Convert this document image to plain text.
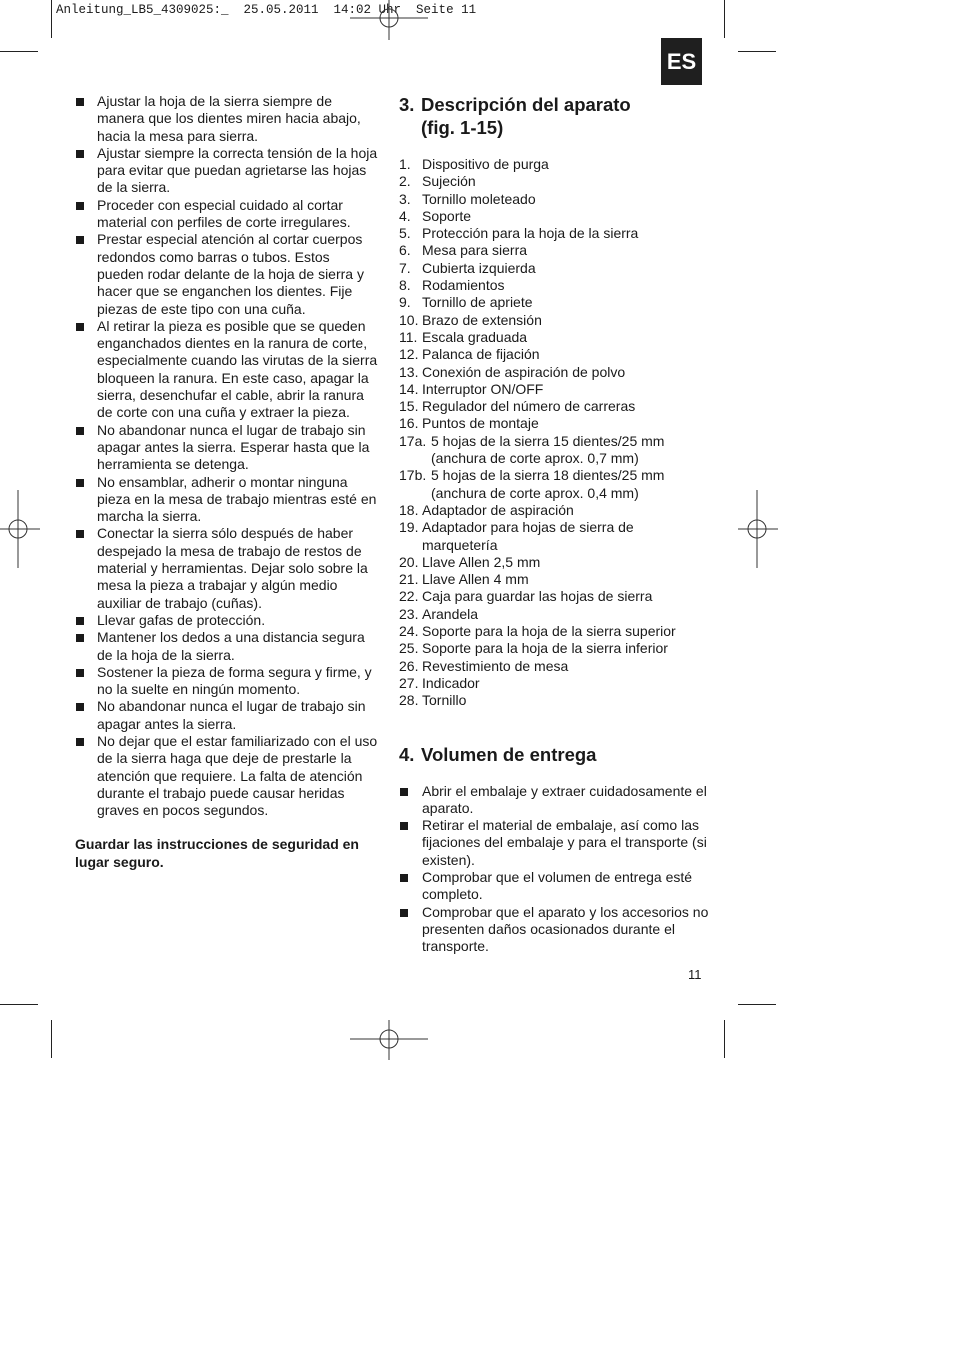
Anleitung_LB5_4309025:_  25.05.2011  14:02 Uhr  Seite 11
ES
Ajustar la hoja de la sierra siempre de manera que los dientes miren hacia abajo, hacia la mesa para sierra.
Ajustar siempre la correcta tensión de la hoja para evitar que puedan agrietarse las hojas de la sierra.
Proceder con especial cuidado al cortar material con perfiles de corte irregulares.
Prestar especial atención al cortar cuerpos redondos como barras o tubos. Estos pueden rodar delante de la hoja de sierra y hacer que se enganchen los dientes. Fije piezas de este tipo con una cuña.
Al retirar la pieza es posible que se queden enganchados dientes en la ranura de corte, especialmente cuando las virutas de la sierra bloqueen la ranura. En este caso, apagar la sierra, desenchufar el cable, abrir la ranura de corte con una cuña y extraer la pieza.
No abandonar nunca el lugar de trabajo sin apagar antes la sierra. Esperar hasta que la herramienta se detenga.
No ensamblar, adherir o montar ninguna pieza en la mesa de trabajo mientras esté en marcha la sierra.
Conectar la sierra sólo después de haber despejado la mesa de trabajo de restos de material y herramientas. Dejar solo sobre la mesa la pieza a trabajar y algún medio auxiliar de trabajo (cuñas).
Llevar gafas de protección.
Mantener los dedos a una distancia segura de la hoja de la sierra.
Sostener la pieza de forma segura y firme, y no la suelte en ningún momento.
No abandonar nunca el lugar de trabajo sin apagar antes la sierra.
No dejar que el estar familiarizado con el uso de la sierra haga que deje de prestarle la atención que requiere. La falta de atención durante el trabajo puede causar heridas graves en pocos segundos.
Guardar las instrucciones de seguridad en lugar seguro.
3. Descripción del aparato
(fig. 1-15)
1. Dispositivo de purga
2. Sujeción
3. Tornillo moleteado
4. Soporte
5. Protección para la hoja de la sierra
6. Mesa para sierra
7. Cubierta izquierda
8. Rodamientos
9. Tornillo de apriete
10. Brazo de extensión
11. Escala graduada
12. Palanca de fijación
13. Conexión de aspiración de polvo
14. Interruptor ON/OFF
15. Regulador del número de carreras
16. Puntos de montaje
17a. 5 hojas de la sierra 15 dientes/25 mm (anchura de corte aprox. 0,7 mm)
17b. 5 hojas de la sierra 18 dientes/25 mm (anchura de corte aprox. 0,4 mm)
18. Adaptador de aspiración
19. Adaptador para hojas de sierra de marquetería
20. Llave Allen 2,5 mm
21. Llave Allen 4 mm
22. Caja para guardar las hojas de sierra
23. Arandela
24. Soporte para la hoja de la sierra superior
25. Soporte para la hoja de la sierra inferior
26. Revestimiento de mesa
27. Indicador
28. Tornillo
4. Volumen de entrega
Abrir el embalaje y extraer cuidadosamente el aparato.
Retirar el material de embalaje, así como las fijaciones del embalaje y para el transporte (si existen).
Comprobar que el volumen de entrega esté completo.
Comprobar que el aparato y los accesorios no presenten daños ocasionados durante el transporte.
11
